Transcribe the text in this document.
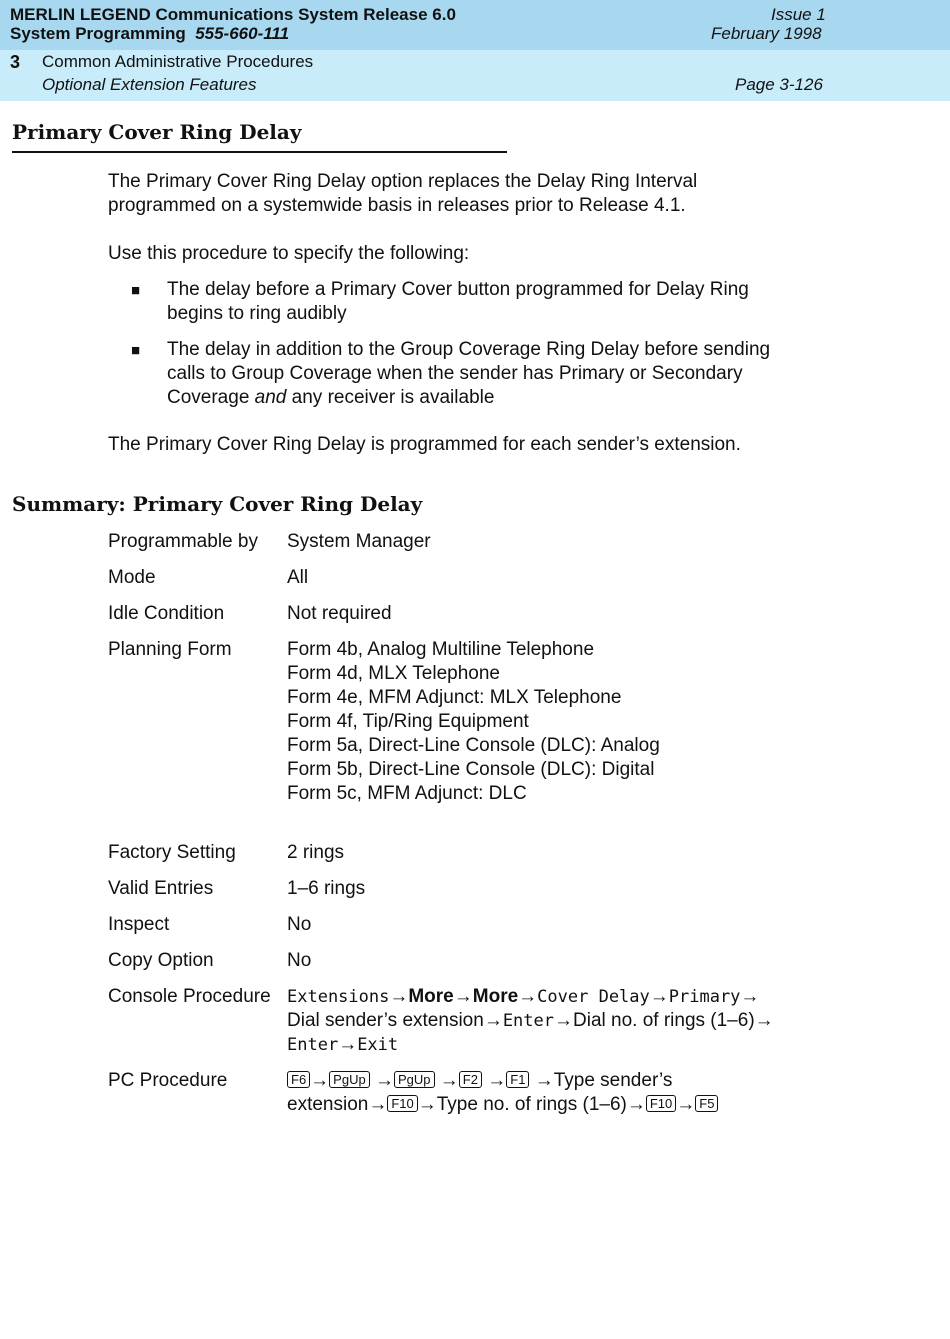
MERLIN LEGEND Communications System Release 6.0
System Programming 555-660-111
Issue 1
February 1998
3 Common Administrative Procedures
Optional Extension Features	Page 3-126
Primary Cover Ring Delay
The Primary Cover Ring Delay option replaces the Delay Ring Interval
programmed on a systemwide basis in releases prior to Release 4.1.
Use this procedure to specify the following:
■ The delay before a Primary Cover button programmed for Delay Ring
begins to ring audibly
■ The delay in addition to the Group Coverage Ring Delay before sending
calls to Group Coverage when the sender has Primary or Secondary
Coverage and any receiver is available
The Primary Cover Ring Delay is programmed for each sender’s extension.
Summary: Primary Cover Ring Delay
Programmable by System Manager
Mode	All
Idle Condition	Not required
Planning Form	Form 4b, Analog Multiline Telephone
Form 4d, MLX Telephone
Form 4e, MFM Adjunct: MLX Telephone
Form 4f, Tip/Ring Equipment
Form 5a, Direct-Line Console (DLC): Analog
Form 5b, Direct-Line Console (DLC): Digital
Form 5c, MFM Adjunct: DLC
Factory Setting	2 rings
Valid Entries	1–6 rings
Inspect	No
Copy Option	No
Console Procedure Extensions→More→More→Cover Delay→Primary→
Dial sender’s extension→Enter→Dial no. of rings (1–6)→
Enter→Exit
PC Procedure	F6 → PgUp → PgUp → F2 → F1 →Type sender’s
extension→ F10 →Type no. of rings (1–6)→ F10 → F5
